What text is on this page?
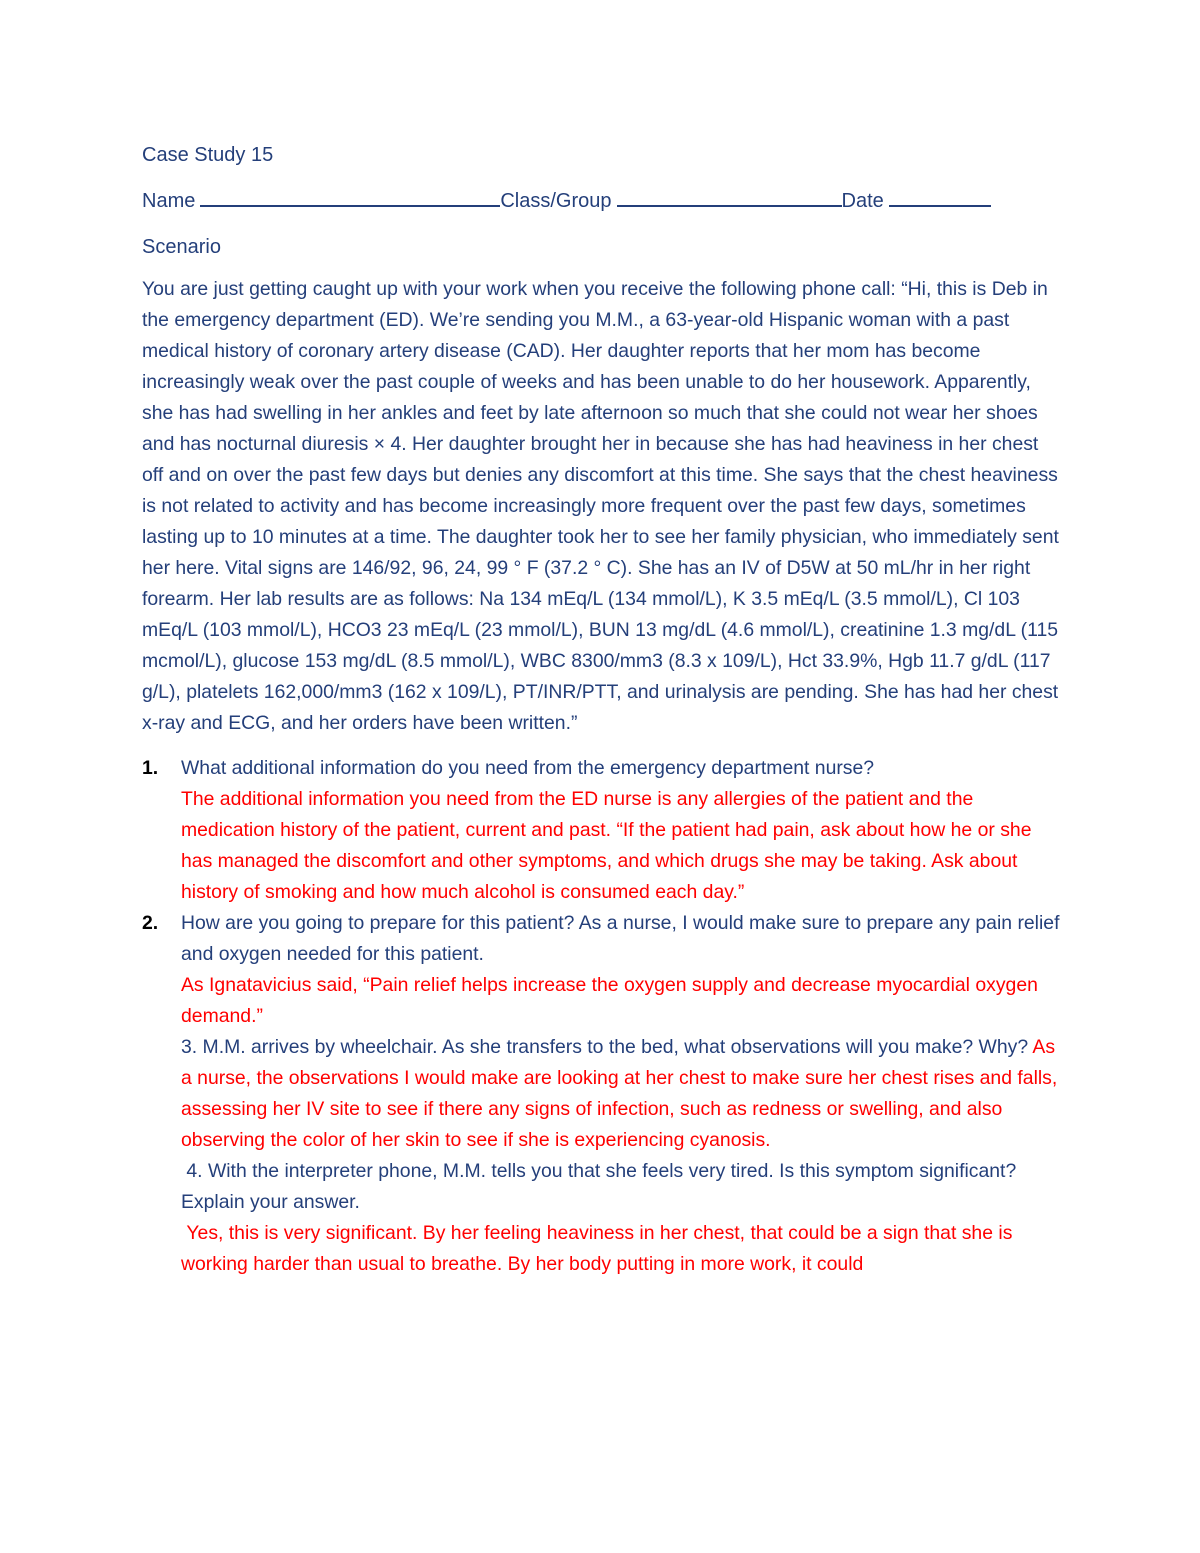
Case Study 15
Name	Class/Group	Date
Scenario
You are just getting caught up with your work when you receive the following phone call: “Hi, this is Deb in the emergency department (ED). We’re sending you M.M., a 63-year-old Hispanic woman with a past medical history of coronary artery disease (CAD). Her daughter reports that her mom has become increasingly weak over the past couple of weeks and has been unable to do her housework. Apparently, she has had swelling in her ankles and feet by late afternoon so much that she could not wear her shoes and has nocturnal diuresis × 4. Her daughter brought her in because she has had heaviness in her chest off and on over the past few days but denies any discomfort at this time. She says that the chest heaviness is not related to activity and has become increasingly more frequent over the past few days, sometimes lasting up to 10 minutes at a time. The daughter took her to see her family physician, who immediately sent her here. Vital signs are 146/92, 96, 24, 99 ° F (37.2 ° C). She has an IV of D5W at 50 mL/hr in her right forearm. Her lab results are as follows: Na 134 mEq/L (134 mmol/L), K 3.5 mEq/L (3.5 mmol/L), Cl 103 mEq/L (103 mmol/L), HCO3 23 mEq/L (23 mmol/L), BUN 13 mg/dL (4.6 mmol/L), creatinine 1.3 mg/dL (115 mcmol/L), glucose 153 mg/dL (8.5 mmol/L), WBC 8300/mm3 (8.3 x 109/L), Hct 33.9%, Hgb 11.7 g/dL (117 g/L), platelets 162,000/mm3 (162 x 109/L), PT/INR/PTT, and urinalysis are pending. She has had her chest x-ray and ECG, and her orders have been written.”
1. What additional information do you need from the emergency department nurse?
The additional information you need from the ED nurse is any allergies of the patient and the medication history of the patient, current and past. “If the patient had pain, ask about how he or she has managed the discomfort and other symptoms, and which drugs she may be taking. Ask about history of smoking and how much alcohol is consumed each day.”
2. How are you going to prepare for this patient? As a nurse, I would make sure to prepare any pain relief and oxygen needed for this patient.
As Ignatavicius said, “Pain relief helps increase the oxygen supply and decrease myocardial oxygen demand.”
3. M.M. arrives by wheelchair. As she transfers to the bed, what observations will you make? Why? As a nurse, the observations I would make are looking at her chest to make sure her chest rises and falls, assessing her IV site to see if there any signs of infection, such as redness or swelling, and also observing the color of her skin to see if she is experiencing cyanosis.
4. With the interpreter phone, M.M. tells you that she feels very tired. Is this symptom significant? Explain your answer.
Yes, this is very significant. By her feeling heaviness in her chest, that could be a sign that she is working harder than usual to breathe. By her body putting in more work, it could
